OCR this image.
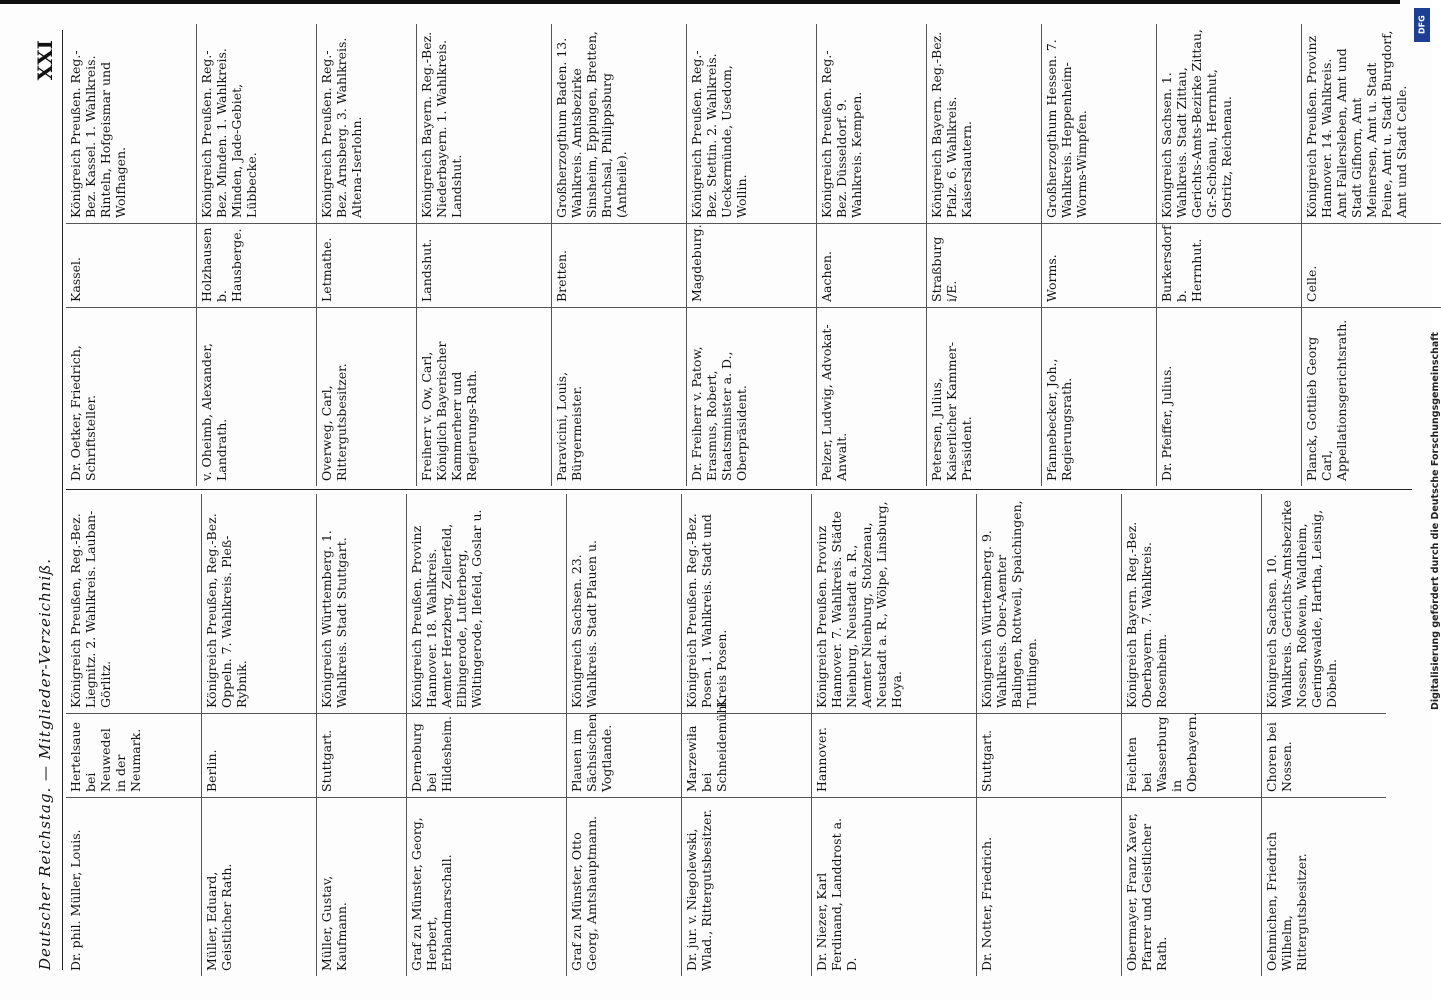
Deutscher Reichstag. — Mitglieder-Verzeichniß.
XXI
Dr. phil. Müller, Louis.
Hertelsaue bei Neuwedel in der Neumark.
Königreich Preußen, Reg.-Bez. Liegnitz. 2. Wahlkreis. Lauban-Görlitz.
Müller, Eduard, Geistlicher Rath.
Berlin.
Königreich Preußen, Reg.-Bez. Oppeln. 7. Wahlkreis. Pleß-Rybnik.
Müller, Gustav, Kaufmann.
Stuttgart.
Königreich Württemberg. 1. Wahlkreis. Stadt Stuttgart.
Graf zu Münster, Georg, Herbert, Erblandmarschall.
Derneburg bei Hildesheim.
Königreich Preußen. Provinz Hannover. 18. Wahlkreis. Aemter Herzberg, Zellerfeld, Elbingerode, Lutterberg, Wöltingerode, Ilefeld, Goslar u.
Graf zu Münster, Otto Georg, Amtshauptmann.
Plauen im Sächsischen Vogtlande.
Königreich Sachsen. 23. Wahlkreis. Stadt Plauen u.
Dr. jur. v. Niegolewski, Wlad., Rittergutsbesitzer.
Marzewiła bei Schneidemühl.
Königreich Preußen. Reg.-Bez. Posen. 1. Wahlkreis. Stadt und Kreis Posen.
Dr. Niezer, Karl Ferdinand, Landdrost a. D.
Hannover.
Königreich Preußen. Provinz Hannover. 7. Wahlkreis. Städte Nienburg, Neustadt a. R., Aemter Nienburg, Stolzenau, Neustadt a. R., Wölpe, Linsburg, Hoya.
Dr. Notter, Friedrich.
Stuttgart.
Königreich Württemberg. 9. Wahlkreis. Ober-Aemter Balingen, Rottweil, Spaichingen, Tuttlingen.
Obermayer, Franz Xaver, Pfarrer und Geistlicher Rath.
Feichten bei Wasserburg in Oberbayern.
Königreich Bayern. Reg.-Bez. Oberbayern. 7. Wahlkreis. Rosenheim.
Oehmichen, Friedrich Wilhelm, Rittergutsbesitzer.
Choren bei Nossen.
Königreich Sachsen. 10. Wahlkreis. Gerichts-Amtsbezirke Nossen, Roßwein, Waldheim, Geringswalde, Hartha, Leisnig, Döbeln.
Dr. Oetker, Friedrich, Schriftsteller.
Kassel.
Königreich Preußen. Reg.-Bez. Kassel. 1. Wahlkreis. Rinteln, Hofgeismar und Wolfhagen.
v. Oheimb, Alexander, Landrath.
Holzhausen b. Hausberge.
Königreich Preußen. Reg.-Bez. Minden. 1. Wahlkreis. Minden, Jade-Gebiet, Lübbecke.
Overweg, Carl, Rittergutsbesitzer.
Letmathe.
Königreich Preußen. Reg.-Bez. Arnsberg. 3. Wahlkreis. Altena-Iserlohn.
Freiherr v. Ow, Carl, Königlich Bayerischer Kammerherr und Regierungs-Rath.
Landshut.
Königreich Bayern. Reg.-Bez. Niederbayern. 1. Wahlkreis. Landshut.
Paravicini, Louis, Bürgermeister.
Bretten.
Großherzogthum Baden. 13. Wahlkreis. Amtsbezirke Sinsheim, Eppingen, Bretten, Bruchsal, Philippsburg (Antheile).
Dr. Freiherr v. Patow, Erasmus, Robert, Staatsminister a. D., Oberpräsident.
Magdeburg.
Königreich Preußen. Reg.-Bez. Stettin. 2. Wahlkreis. Ueckermünde, Usedom, Wollin.
Pelzer, Ludwig, Advokat-Anwalt.
Aachen.
Königreich Preußen. Reg.-Bez. Düsseldorf. 9. Wahlkreis. Kempen.
Petersen, Julius, Kaiserlicher Kammer-Präsident.
Straßburg i/E.
Königreich Bayern. Reg.-Bez. Pfalz. 6. Wahlkreis. Kaiserslautern.
Pfannebecker, Joh., Regierungsrath.
Worms.
Großherzogthum Hessen. 7. Wahlkreis. Heppenheim-Worms-Wimpfen.
Dr. Pfeiffer, Julius.
Burkersdorf b. Herrnhut.
Königreich Sachsen. 1. Wahlkreis. Stadt Zittau, Gerichts-Amts-Bezirke Zittau, Gr.-Schönau, Herrnhut, Ostritz, Reichenau.
Planck, Gottlieb Georg Carl, Appellationsgerichtsrath.
Celle.
Königreich Preußen. Provinz Hannover. 14. Wahlkreis. Amt Fallersleben, Amt und Stadt Gifhorn, Amt Meinersen, Amt u. Stadt Peine, Amt u. Stadt Burgdorf, Amt und Stadt Celle.
DFG
Digitalisierung gefördert durch die Deutsche Forschungsgemeinschaft
